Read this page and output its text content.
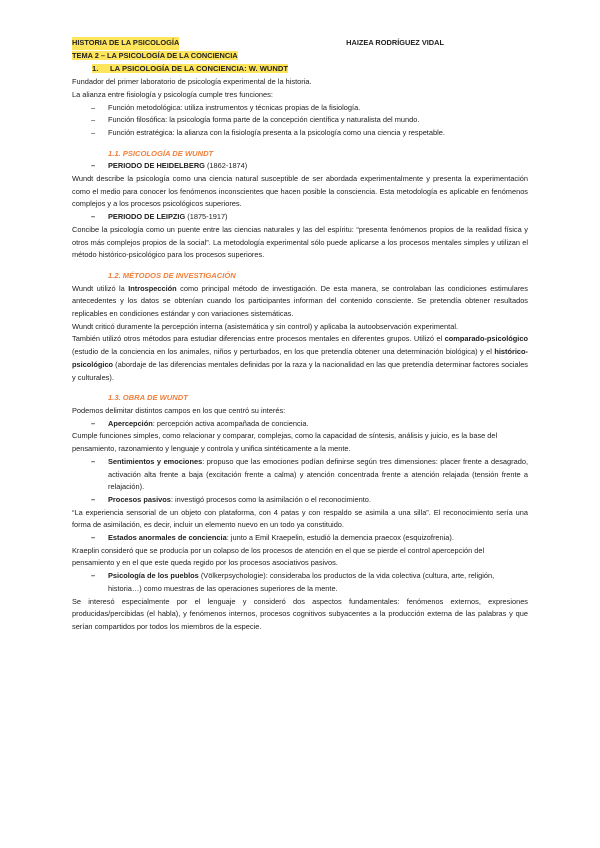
HISTORIA DE LA PSICOLOGÍA	HAIZEA RODRÍGUEZ VIDAL
TEMA 2 – LA PSICOLOGÍA DE LA CONCIENCIA
1. LA PSICOLOGÍA DE LA CONCIENCIA: W. WUNDT

Fundador del primer laboratorio de psicología experimental de la historia.

La alianza entre fisiología y psicología cumple tres funciones:

– Función metodológica: utiliza instrumentos y técnicas propias de la fisiología.
– Función filosófica: la psicología forma parte de la concepción científica y naturalista del mundo.
– Función estratégica: la alianza con la fisiología presenta a la psicología como una ciencia y respetable.
1.1. PSICOLOGÍA DE WUNDT
– PERIODO DE HEIDELBERG (1862-1874)

Wundt describe la psicología como una ciencia natural susceptible de ser abordada experimentalmente y presenta la experimentación como el medio para conocer los fenómenos inconscientes que hacen posible la consciencia. Esta metodología es aplicable en fenómenos complejos y a los procesos psicológicos superiores.

– PERIODO DE LEIPZIG (1875-1917)

Concibe la psicología como un puente entre las ciencias naturales y las del espíritu: “presenta fenómenos propios de la realidad física y otros más complejos propios de la social”. La metodología experimental sólo puede aplicarse a los procesos mentales simples y utilizan el método histórico-psicológico para los procesos superiores.

1.2. MÉTODOS DE INVESTIGACIÓN

Wundt utilizó la Introspección como principal método de investigación. De esta manera, se controlaban las condiciones estimulares antecedentes y los datos se obtenían cuando los participantes informan del contenido consciente. Se pretendía obtener resultados replicables en condiciones estándar y con variaciones sistemáticas.

Wundt criticó duramente la percepción interna (asistemática y sin control) y aplicaba la autoobservación experimental.

También utilizó otros métodos para estudiar diferencias entre procesos mentales en diferentes grupos. Utilizó el comparado-psicológico (estudio de la conciencia en los animales, niños y perturbados, en los que pretendía obtener una determinación biológica) y el histórico-psicológico (abordaje de las diferencias mentales definidas por la raza y la nacionalidad en las que pretendía determinar factores sociales y culturales).

1.3. OBRA DE WUNDT

Podemos delimitar distintos campos en los que centró su interés:

– Apercepción: percepción activa acompañada de conciencia.

Cumple funciones simples, como relacionar y comparar, complejas, como la capacidad de síntesis, análisis y juicio, es la base del pensamiento, razonamiento y lenguaje y controla y unifica sintéticamente a la mente.

– Sentimientos y emociones: propuso que las emociones podían definirse según tres dimensiones: placer frente a desagrado, activación alta frente a baja (excitación frente a calma) y atención concentrada frente a atención relajada (tensión frente a relajación).
– Procesos pasivos: investigó procesos como la asimilación o el reconocimiento.

“La experiencia sensorial de un objeto con plataforma, con 4 patas y con respaldo se asimila a una silla”. El reconocimiento sería una forma de asimilación, es decir, incluir un elemento nuevo en un todo ya constituido.

– Estados anormales de conciencia: junto a Emil Kraepelin, estudió la demencia praecox (esquizofrenia).

Kraeplin consideró que se producía por un colapso de los procesos de atención en el que se pierde el control apercepción del pensamiento y en el que este queda regido por los procesos asociativos pasivos.

– Psicología de los pueblos (Völkerpsychologie): consideraba los productos de la vida colectiva (cultura, arte, religión, historia…) como muestras de las operaciones superiores de la mente.

Se interesó especialmente por el lenguaje y consideró dos aspectos fundamentales: fenómenos externos, expresiones producidas/percibidas (el habla), y fenómenos internos, procesos cognitivos subyacentes a la producción externa de las palabras y que serían compartidos por todos los miembros de la especie.
